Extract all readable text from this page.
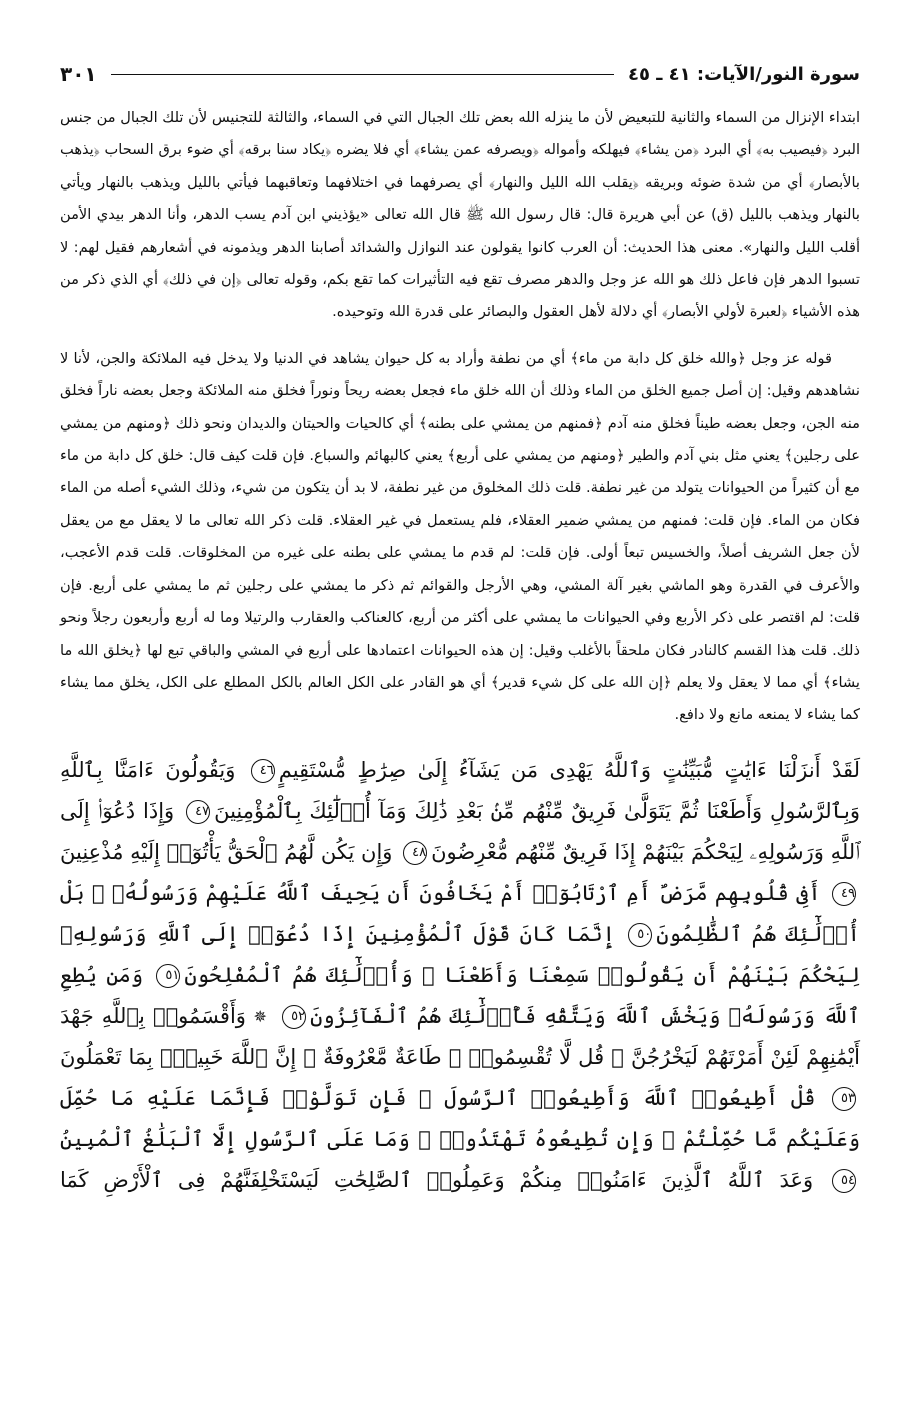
سورة النور/الآيات: ٤١ ـ ٤٥
٣٠١

ابتداء الإنزال من السماء والثانية للتبعيض لأن ما ينزله الله بعض تلك الجبال التي في السماء، والثالثة للتجنيس لأن تلك الجبال من جنس البرد ﴿فيصيب به﴾ أي البرد ﴿من يشاء﴾ فيهلكه وأمواله ﴿ويصرفه عمن يشاء﴾ أي فلا يضره ﴿يكاد سنا برقه﴾ أي ضوء برق السحاب ﴿يذهب بالأبصار﴾ أي من شدة ضوئه وبريقه ﴿يقلب الله الليل والنهار﴾ أي يصرفهما في اختلافهما وتعاقبهما فيأتي بالليل ويذهب بالنهار ويأتي بالنهار ويذهب بالليل (ق) عن أبي هريرة قال: قال رسول الله ﷺ قال الله تعالى «يؤذيني ابن آدم يسب الدهر، وأنا الدهر بيدي الأمن أقلب الليل والنهار». معنى هذا الحديث: أن العرب كانوا يقولون عند النوازل والشدائد أصابنا الدهر ويذمونه في أشعارهم فقيل لهم: لا تسبوا الدهر فإن فاعل ذلك هو الله عز وجل والدهر مصرف تقع فيه التأثيرات كما تقع بكم، وقوله تعالى ﴿إن في ذلك﴾ أي الذي ذكر من هذه الأشياء ﴿لعبرة لأولي الأبصار﴾ أي دلالة لأهل العقول والبصائر على قدرة الله وتوحيده.

قوله عز وجل ﴿والله خلق كل دابة من ماء﴾ أي من نطفة وأراد به كل حيوان يشاهد في الدنيا ولا يدخل فيه الملائكة والجن، لأنا لا نشاهدهم وقيل: إن أصل جميع الخلق من الماء وذلك أن الله خلق ماء فجعل بعضه ريحاً ونوراً فخلق منه الملائكة وجعل بعضه ناراً فخلق منه الجن، وجعل بعضه طيناً فخلق منه آدم ﴿فمنهم من يمشي على بطنه﴾ أي كالحيات والحيتان والديدان ونحو ذلك ﴿ومنهم من يمشي على رجلين﴾ يعني مثل بني آدم والطير ﴿ومنهم من يمشي على أربع﴾ يعني كالبهائم والسباع. فإن قلت كيف قال: خلق كل دابة من ماء مع أن كثيراً من الحيوانات يتولد من غير نطفة. قلت ذلك المخلوق من غير نطفة، لا بد أن يتكون من شيء، وذلك الشيء أصله من الماء فكان من الماء. فإن قلت: فمنهم من يمشي ضمير العقلاء، فلم يستعمل في غير العقلاء. قلت ذكر الله تعالى ما لا يعقل مع من يعقل لأن جعل الشريف أصلاً، والخسيس تبعاً أولى. فإن قلت: لم قدم ما يمشي على بطنه على غيره من المخلوقات. قلت قدم الأعجب، والأعرف في القدرة وهو الماشي بغير آلة المشي، وهي الأرجل والقوائم ثم ذكر ما يمشي على رجلين ثم ما يمشي على أربع. فإن قلت: لم اقتصر على ذكر الأربع وفي الحيوانات ما يمشي على أكثر من أربع، كالعناكب والعقارب والرتيلا وما له أربع وأربعون رجلاً ونحو ذلك. قلت هذا القسم كالنادر فكان ملحقاً بالأغلب وقيل: إن هذه الحيوانات اعتمادها على أربع في المشي والباقي تبع لها ﴿يخلق الله ما يشاء﴾ أي مما لا يعقل ولا يعلم ﴿إن الله على كل شيء قدير﴾ أي هو القادر على الكل العالم بالكل المطلع على الكل، يخلق مما يشاء كما يشاء لا يمنعه مانع ولا دافع.

لَقَدْ أَنزَلْنَا ءَايَٰتٍ مُّبَيِّنَٰتٍ وَٱللَّهُ يَهْدِى مَن يَشَآءُ إِلَىٰ صِرَٰطٍ مُّسْتَقِيمٍ٤٦ وَيَقُولُونَ ءَامَنَّا بِٱللَّهِ وَبِٱلرَّسُولِ وَأَطَعْنَا ثُمَّ يَتَوَلَّىٰ فَرِيقٌ مِّنْهُم مِّنۢ بَعْدِ ذَٰلِكَ وَمَآ أُو۟لَٰٓئِكَ بِٱلْمُؤْمِنِينَ٤٧ وَإِذَا دُعُوٓا۟ إِلَى ٱللَّهِ وَرَسُولِهِۦ لِيَحْكُمَ بَيْنَهُمْ إِذَا فَرِيقٌ مِّنْهُم مُّعْرِضُونَ٤٨ وَإِن يَكُن لَّهُمُ ٱلْحَقُّ يَأْتُوٓا۟ إِلَيْهِ مُذْعِنِينَ٤٩ أَفِى قُلُوبِهِم مَّرَضٌ أَمِ ٱرْتَابُوٓا۟ أَمْ يَخَافُونَ أَن يَحِيفَ ٱللَّهُ عَلَيْهِمْ وَرَسُولُهُۥ ۚ بَلْ أُو۟لَٰٓئِكَ هُمُ ٱلظَّٰلِمُونَ٥٠ إِنَّمَا كَانَ قَوْلَ ٱلْمُؤْمِنِينَ إِذَا دُعُوٓا۟ إِلَى ٱللَّهِ وَرَسُولِهِۦ لِيَحْكُمَ بَيْنَهُمْ أَن يَقُولُوا۟ سَمِعْنَا وَأَطَعْنَا ۚ وَأُو۟لَٰٓئِكَ هُمُ ٱلْمُفْلِحُونَ٥١ وَمَن يُطِعِ ٱللَّهَ وَرَسُولَهُۥ وَيَخْشَ ٱللَّهَ وَيَتَّقْهِ فَأُو۟لَٰٓئِكَ هُمُ ٱلْفَآئِزُونَ٥٢ ✵وَأَقْسَمُوا۟ بِٱللَّهِ جَهْدَ أَيْمَٰنِهِمْ لَئِنْ أَمَرْتَهُمْ لَيَخْرُجُنَّ ۖ قُل لَّا تُقْسِمُوا۟ ۖ طَاعَةٌ مَّعْرُوفَةٌ ۚ إِنَّ ٱللَّهَ خَبِيرٌۢ بِمَا تَعْمَلُونَ٥٣ قُلْ أَطِيعُوا۟ ٱللَّهَ وَأَطِيعُوا۟ ٱلرَّسُولَ ۖ فَإِن تَوَلَّوْا۟ فَإِنَّمَا عَلَيْهِ مَا حُمِّلَ وَعَلَيْكُم مَّا حُمِّلْتُمْ ۖ وَإِن تُطِيعُوهُ تَهْتَدُوا۟ ۚ وَمَا عَلَى ٱلرَّسُولِ إِلَّا ٱلْبَلَٰغُ ٱلْمُبِينُ٥٤ وَعَدَ ٱللَّهُ ٱلَّذِينَ ءَامَنُوا۟ مِنكُمْ وَعَمِلُوا۟ ٱلصَّٰلِحَٰتِ لَيَسْتَخْلِفَنَّهُمْ فِى ٱلْأَرْضِ كَمَا
